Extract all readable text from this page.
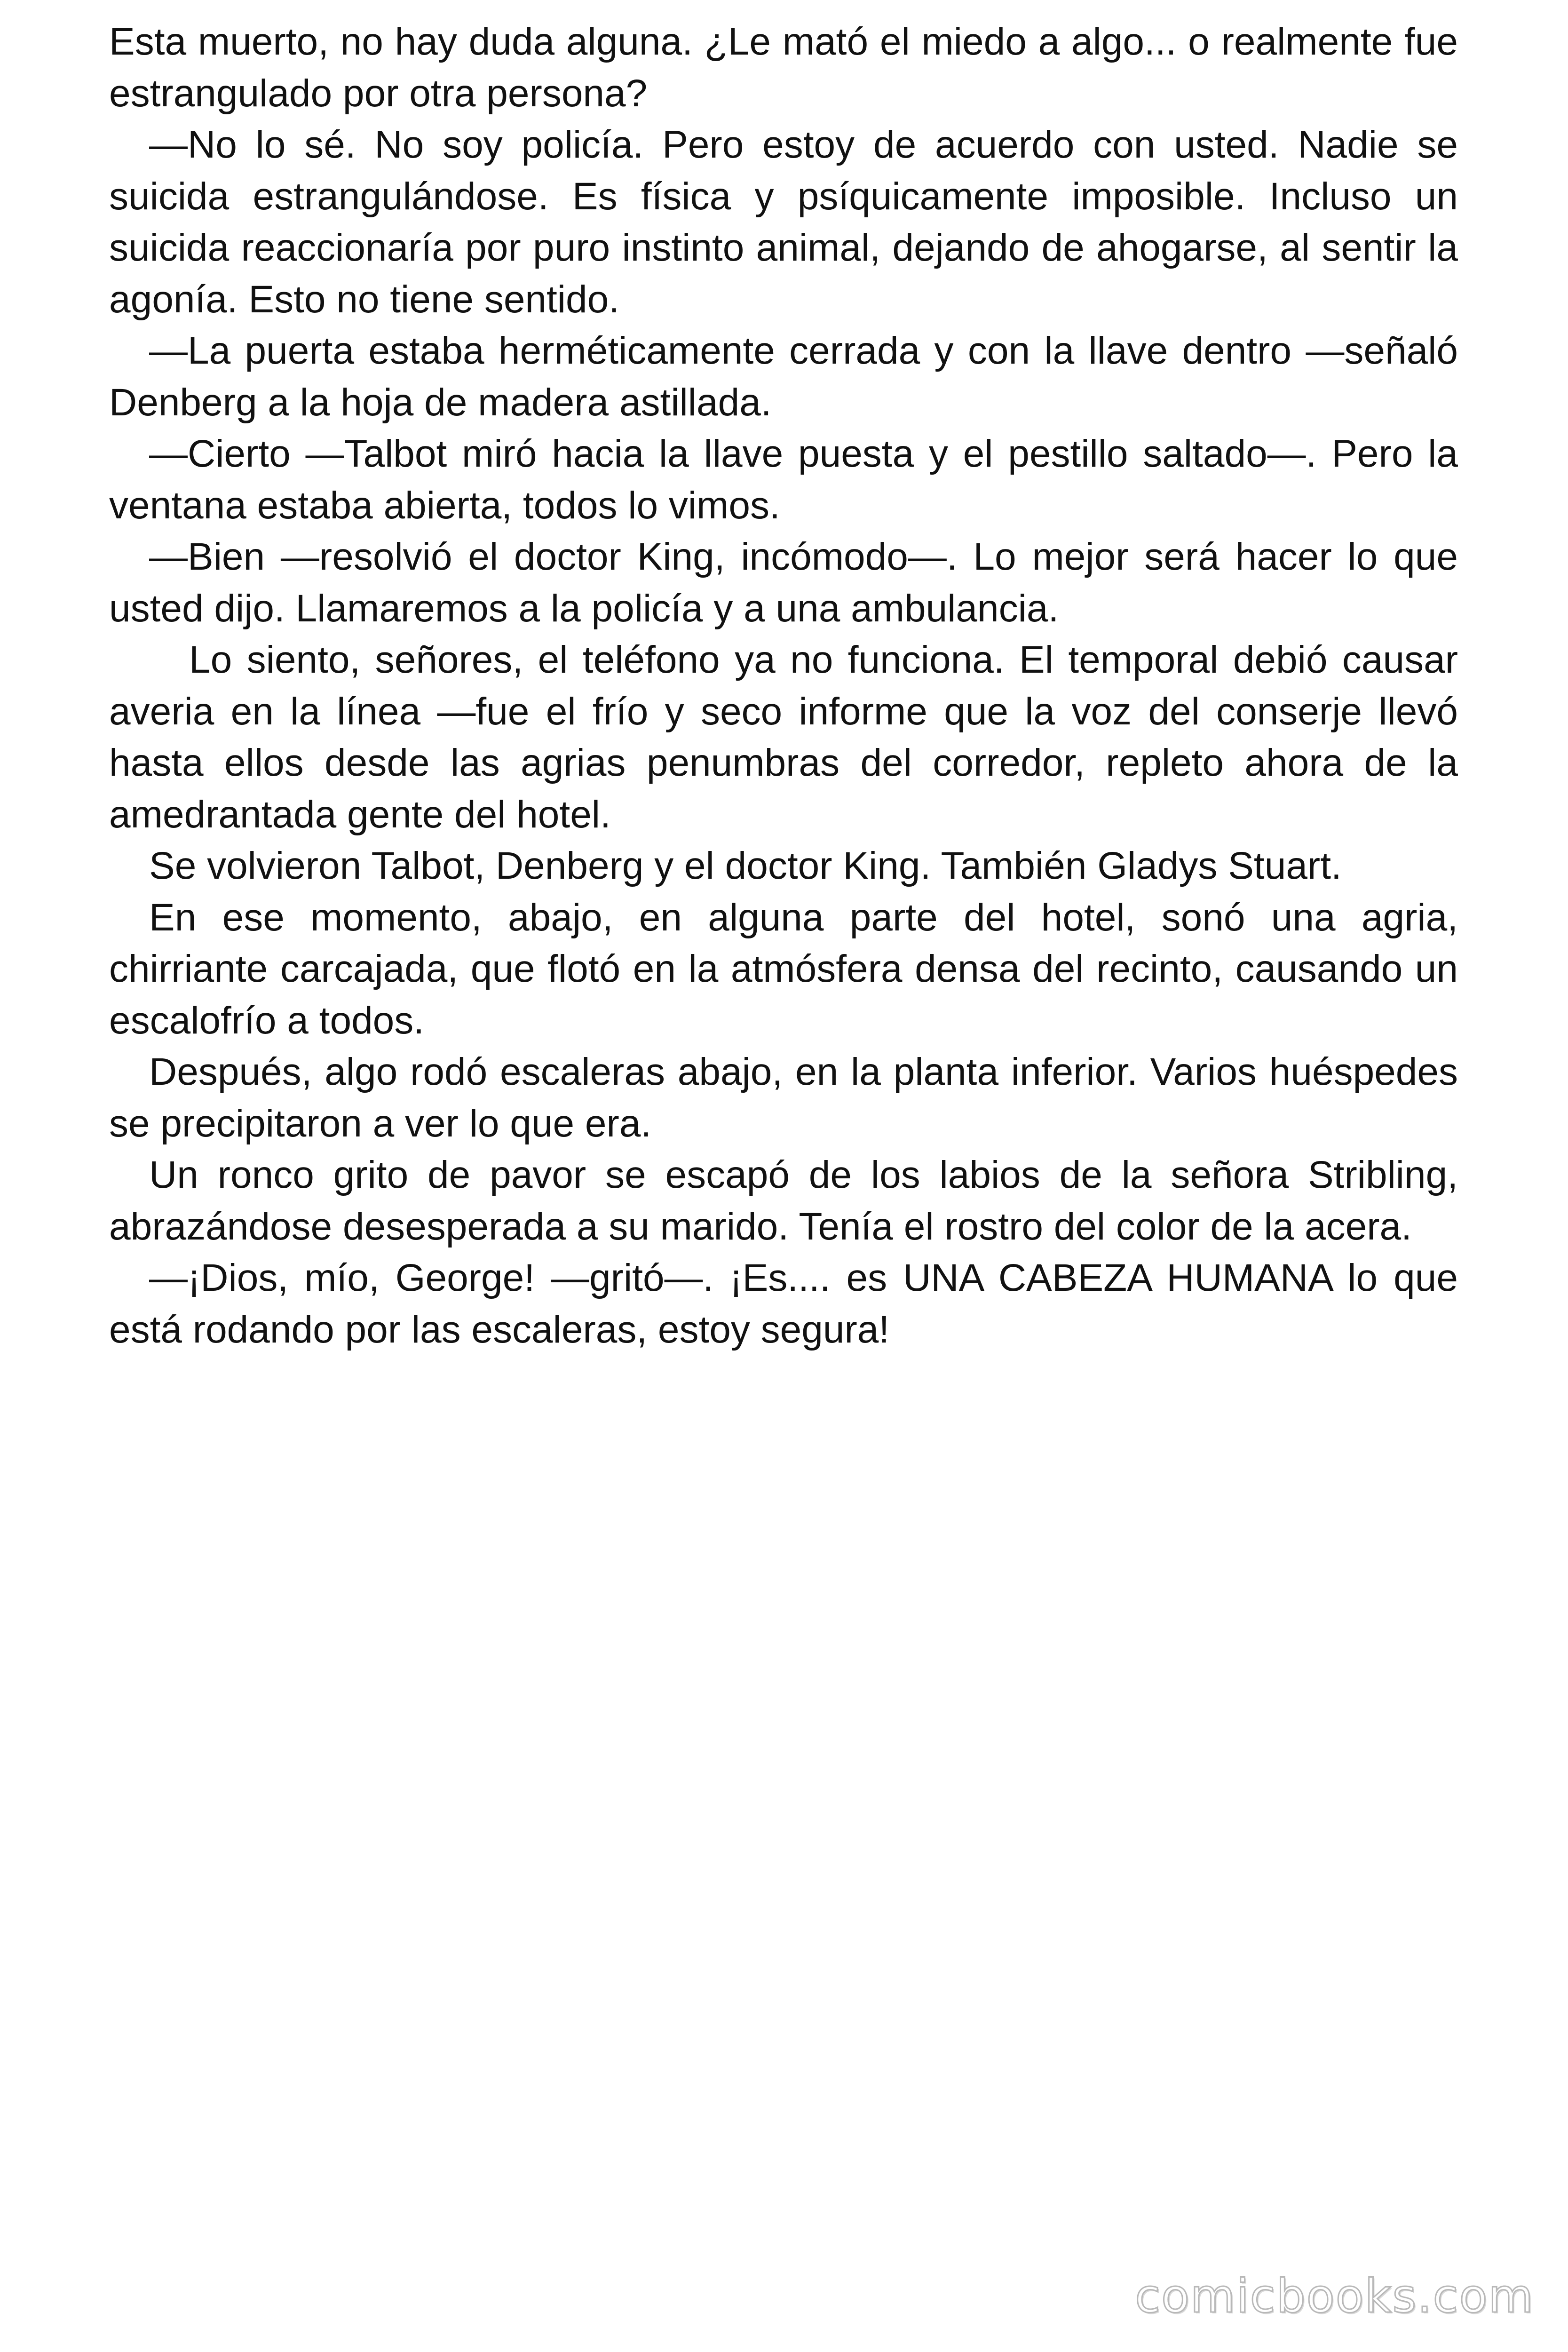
Esta muerto, no hay duda alguna. ¿Le mató el miedo a algo... o realmente fue estrangulado por otra persona?

—No lo sé. No soy policía. Pero estoy de acuerdo con usted. Nadie se suicida estrangulándose. Es física y psíquicamente imposible. Incluso un suicida reaccionaría por puro instinto animal, dejando de ahogarse, al sentir la agonía. Esto no tiene sentido.

—La puerta estaba herméticamente cerrada y con la llave dentro —señaló Denberg a la hoja de madera astillada.

—Cierto —Talbot miró hacia la llave puesta y el pestillo saltado—. Pero la ventana estaba abierta, todos lo vimos.

—Bien —resolvió el doctor King, incómodo—. Lo mejor será hacer lo que usted dijo. Llamaremos a la policía y a una ambulancia.

Lo siento, señores, el teléfono ya no funciona. El temporal debió causar averia en la línea —fue el frío y seco informe que la voz del conserje llevó hasta ellos desde las agrias penumbras del corredor, repleto ahora de la amedrantada gente del hotel.

Se volvieron Talbot, Denberg y el doctor King. También Gladys Stuart.

En ese momento, abajo, en alguna parte del hotel, sonó una agria, chirriante carcajada, que flotó en la atmósfera densa del recinto, causando un escalofrío a todos.

Después, algo rodó escaleras abajo, en la planta inferior. Varios huéspedes se precipitaron a ver lo que era.

Un ronco grito de pavor se escapó de los labios de la señora Stribling, abrazándose desesperada a su marido. Tenía el rostro del color de la acera.

—¡Dios, mío, George! —gritó—. ¡Es.... es UNA CABEZA HUMANA lo que está rodando por las escaleras, estoy segura!

comicbooks.com
